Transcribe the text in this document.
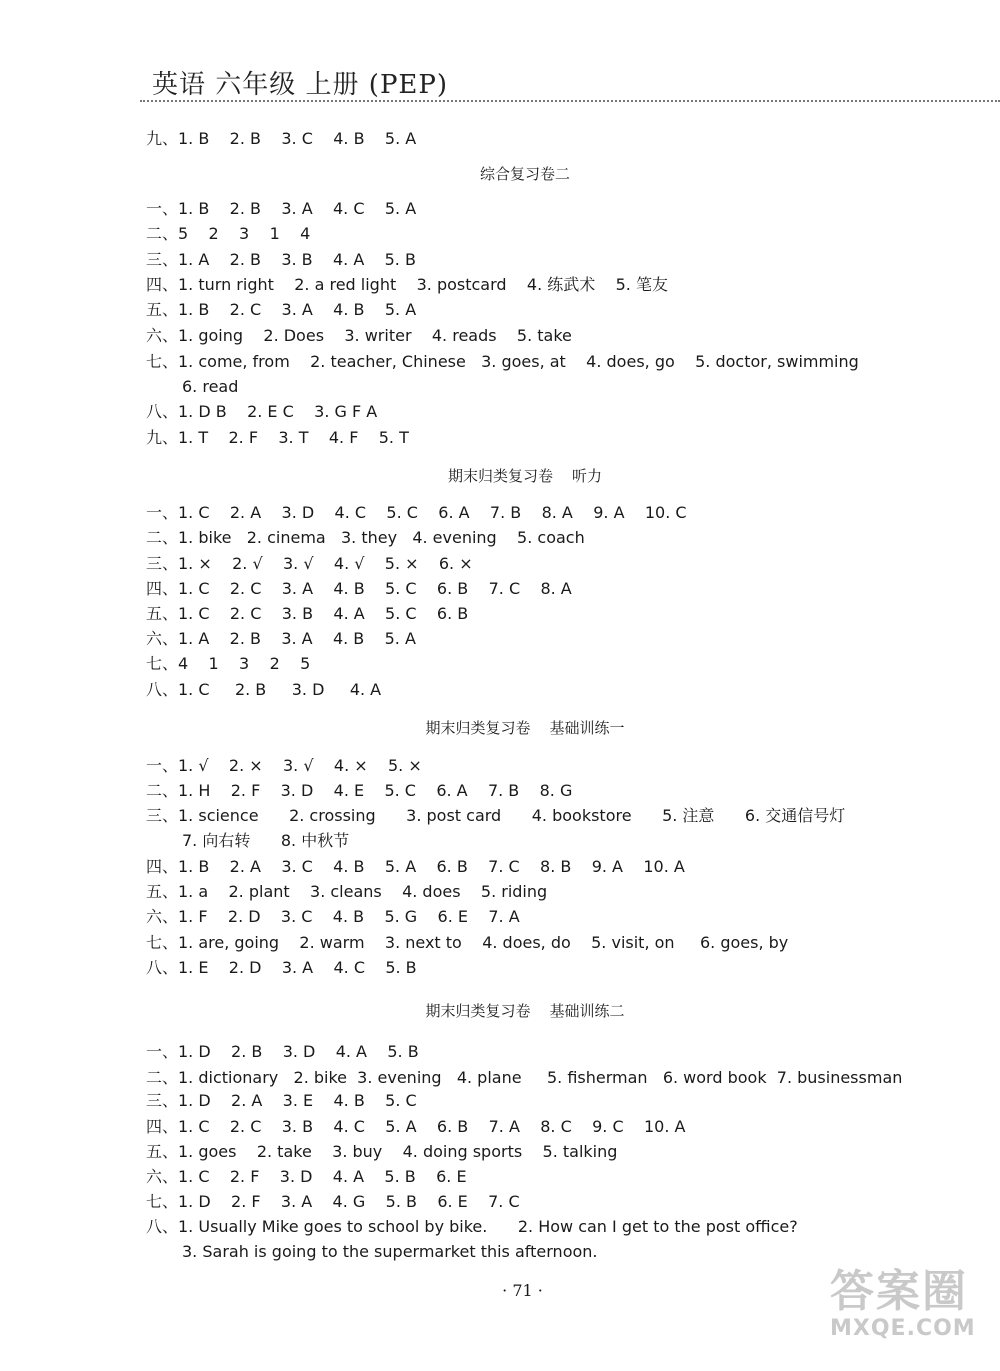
英语 六年级 上册 (PEP)
九、1. B    2. B    3. C    4. B    5. A
综合复习卷二
一、1. B    2. B    3. A    4. C    5. A
二、5    2    3    1    4
三、1. A    2. B    3. B    4. A    5. B
四、1. turn right    2. a red light    3. postcard    4. 练武术    5. 笔友
五、1. B    2. C    3. A    4. B    5. A
六、1. going    2. Does    3. writer    4. reads    5. take
七、1. come, from    2. teacher, Chinese   3. goes, at    4. does, go    5. doctor, swimming
6. read
八、1. D B    2. E C    3. G F A
九、1. T    2. F    3. T    4. F    5. T
期末归类复习卷    听力
一、1. C    2. A    3. D    4. C    5. C    6. A    7. B    8. A    9. A    10. C
二、1. bike   2. cinema   3. they   4. evening    5. coach
三、1. ×    2. √    3. √    4. √    5. ×    6. ×
四、1. C    2. C    3. A    4. B    5. C    6. B    7. C    8. A
五、1. C    2. C    3. B    4. A    5. C    6. B
六、1. A    2. B    3. A    4. B    5. A
七、4    1    3    2    5
八、1. C     2. B     3. D     4. A
期末归类复习卷    基础训练一
一、1. √    2. ×    3. √    4. ×    5. ×
二、1. H    2. F    3. D    4. E    5. C    6. A    7. B    8. G
三、1. science      2. crossing      3. post card      4. bookstore      5. 注意      6. 交通信号灯
7. 向右转      8. 中秋节
四、1. B    2. A    3. C    4. B    5. A    6. B    7. C    8. B    9. A    10. A
五、1. a    2. plant    3. cleans    4. does    5. riding
六、1. F    2. D    3. C    4. B    5. G    6. E    7. A
七、1. are, going    2. warm    3. next to    4. does, do    5. visit, on     6. goes, by
八、1. E    2. D    3. A    4. C    5. B
期末归类复习卷    基础训练二
一、1. D    2. B    3. D    4. A    5. B
二、1. dictionary   2. bike  3. evening   4. plane     5. fisherman   6. word book  7. businessman
三、1. D    2. A    3. E    4. B    5. C
四、1. C    2. C    3. B    4. C    5. A    6. B    7. A    8. C    9. C    10. A
五、1. goes    2. take    3. buy    4. doing sports    5. talking
六、1. C    2. F    3. D    4. A    5. B    6. E
七、1. D    2. F    3. A    4. G    5. B    6. E    7. C
八、1. Usually Mike goes to school by bike.      2. How can I get to the post office?
3. Sarah is going to the supermarket this afternoon.
· 71 ·	答案圈
MXQE.COM
